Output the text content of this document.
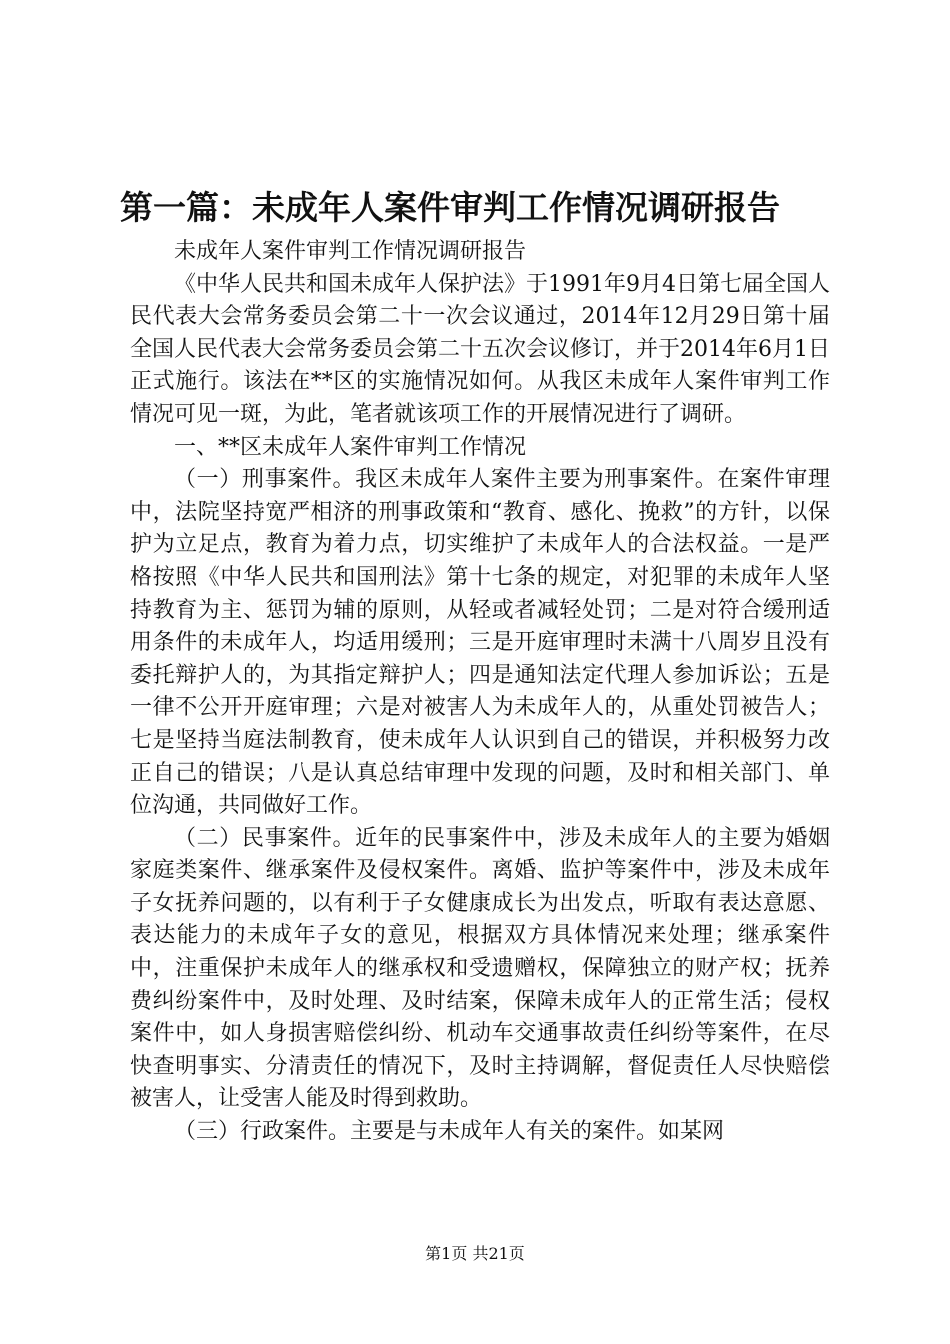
第一篇：未成年人案件审判工作情况调研报告

未成年人案件审判工作情况调研报告

《中华人民共和国未成年人保护法》于1991年9月4日第七届全国人民代表大会常务委员会第二十一次会议通过，2014年12月29日第十届全国人民代表大会常务委员会第二十五次会议修订，并于2014年6月1日正式施行。该法在**区的实施情况如何。从我区未成年人案件审判工作情况可见一斑，为此，笔者就该项工作的开展情况进行了调研。

一、**区未成年人案件审判工作情况

（一）刑事案件。我区未成年人案件主要为刑事案件。在案件审理中，法院坚持宽严相济的刑事政策和“教育、感化、挽救”的方针，以保护为立足点，教育为着力点，切实维护了未成年人的合法权益。一是严格按照《中华人民共和国刑法》第十七条的规定，对犯罪的未成年人坚持教育为主、惩罚为辅的原则，从轻或者减轻处罚；二是对符合缓刑适用条件的未成年人，均适用缓刑；三是开庭审理时未满十八周岁且没有委托辩护人的，为其指定辩护人；四是通知法定代理人参加诉讼；五是一律不公开开庭审理；六是对被害人为未成年人的，从重处罚被告人；七是坚持当庭法制教育，使未成年人认识到自己的错误，并积极努力改正自己的错误；八是认真总结审理中发现的问题，及时和相关部门、单位沟通，共同做好工作。

（二）民事案件。近年的民事案件中，涉及未成年人的主要为婚姻家庭类案件、继承案件及侵权案件。离婚、监护等案件中，涉及未成年子女抚养问题的，以有利于子女健康成长为出发点，听取有表达意愿、表达能力的未成年子女的意见，根据双方具体情况来处理；继承案件中，注重保护未成年人的继承权和受遗赠权，保障独立的财产权；抚养费纠纷案件中，及时处理、及时结案，保障未成年人的正常生活；侵权案件中，如人身损害赔偿纠纷、机动车交通事故责任纠纷等案件，在尽快查明事实、分清责任的情况下，及时主持调解，督促责任人尽快赔偿被害人，让受害人能及时得到救助。

（三）行政案件。主要是与未成年人有关的案件。如某网

第1页 共21页
